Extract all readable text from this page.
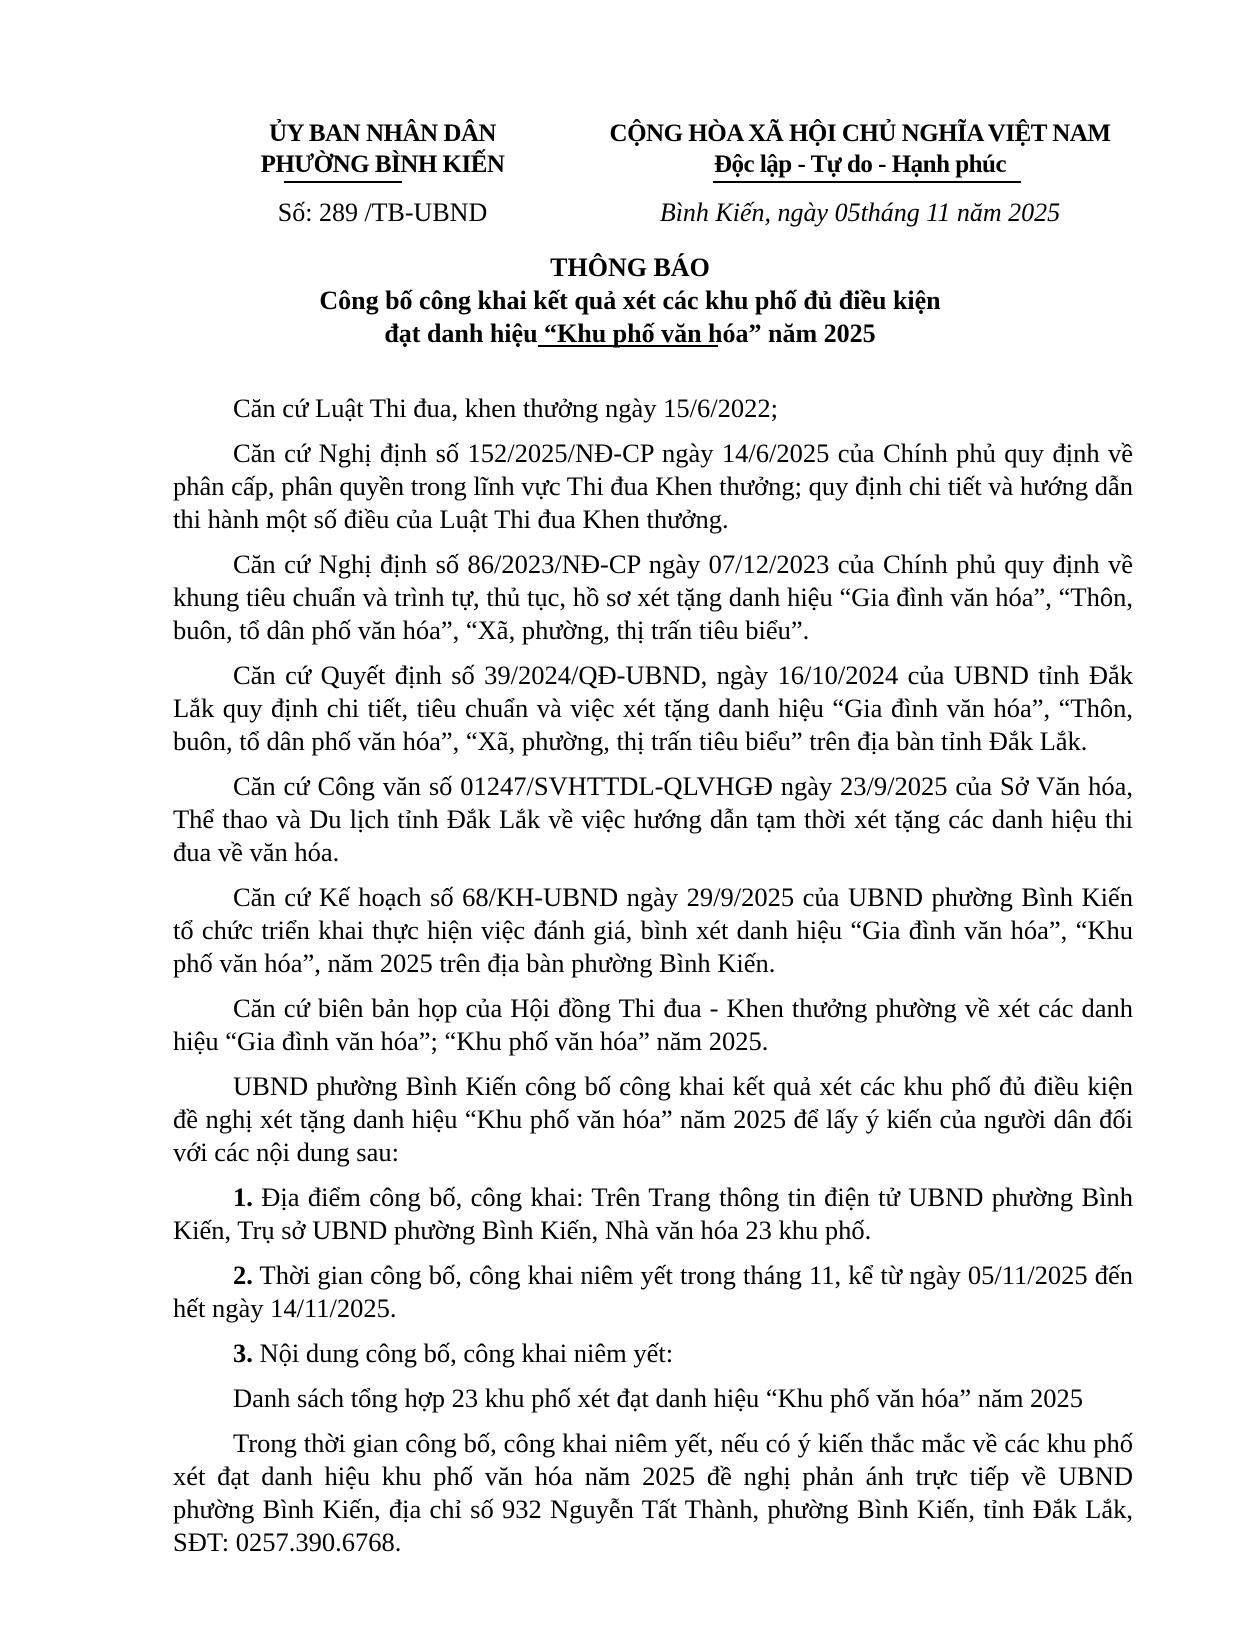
ỦY BAN NHÂN DÂN
PHƯỜNG BÌNH KIẾN
Số: 289 /TB-UBND
CỘNG HÒA XÃ HỘI CHỦ NGHĨA VIỆT NAM
Độc lập - Tự do - Hạnh phúc
Bình Kiến, ngày 05tháng 11 năm 2025
THÔNG BÁO
Công bố công khai kết quả xét các khu phố đủ điều kiện
đạt danh hiệu “Khu phố văn hóa” năm 2025

Căn cứ Luật Thi đua, khen thưởng ngày 15/6/2022;

Căn cứ Nghị định số 152/2025/NĐ-CP ngày 14/6/2025 của Chính phủ quy định về phân cấp, phân quyền trong lĩnh vực Thi đua Khen thưởng; quy định chi tiết và hướng dẫn thi hành một số điều của Luật Thi đua Khen thưởng.

Căn cứ Nghị định số 86/2023/NĐ-CP ngày 07/12/2023 của Chính phủ quy định về khung tiêu chuẩn và trình tự, thủ tục, hồ sơ xét tặng danh hiệu “Gia đình văn hóa”, “Thôn, buôn, tổ dân phố văn hóa”, “Xã, phường, thị trấn tiêu biểu”.

Căn cứ Quyết định số 39/2024/QĐ-UBND, ngày 16/10/2024 của UBND tỉnh Đắk Lắk quy định chi tiết, tiêu chuẩn và việc xét tặng danh hiệu “Gia đình văn hóa”, “Thôn, buôn, tổ dân phố văn hóa”, “Xã, phường, thị trấn tiêu biểu” trên địa bàn tỉnh Đắk Lắk.

Căn cứ Công văn số 01247/SVHTTDL-QLVHGĐ ngày 23/9/2025 của Sở Văn hóa, Thể thao và Du lịch tỉnh Đắk Lắk về việc hướng dẫn tạm thời xét tặng các danh hiệu thi đua về văn hóa.

Căn cứ Kế hoạch số 68/KH-UBND ngày 29/9/2025 của UBND phường Bình Kiến tổ chức triển khai thực hiện việc đánh giá, bình xét danh hiệu “Gia đình văn hóa”, “Khu phố văn hóa”, năm 2025 trên địa bàn phường Bình Kiến.

Căn cứ biên bản họp của Hội đồng Thi đua - Khen thưởng phường về xét các danh hiệu “Gia đình văn hóa”; “Khu phố văn hóa” năm 2025.

UBND phường Bình Kiến công bố công khai kết quả xét các khu phố đủ điều kiện đề nghị xét tặng danh hiệu “Khu phố văn hóa” năm 2025 để lấy ý kiến của người dân đối với các nội dung sau:

1. Địa điểm công bố, công khai: Trên Trang thông tin điện tử UBND phường Bình Kiến, Trụ sở UBND phường Bình Kiến, Nhà văn hóa 23 khu phố.

2. Thời gian công bố, công khai niêm yết trong tháng 11, kể từ ngày 05/11/2025 đến hết ngày 14/11/2025.

3. Nội dung công bố, công khai niêm yết:

Danh sách tổng hợp 23 khu phố xét đạt danh hiệu “Khu phố văn hóa” năm 2025

Trong thời gian công bố, công khai niêm yết, nếu có ý kiến thắc mắc về các khu phố xét đạt danh hiệu khu phố văn hóa năm 2025 đề nghị phản ánh trực tiếp về UBND phường Bình Kiến, địa chỉ số 932 Nguyễn Tất Thành, phường Bình Kiến, tỉnh Đắk Lắk, SĐT: 0257.390.6768.
